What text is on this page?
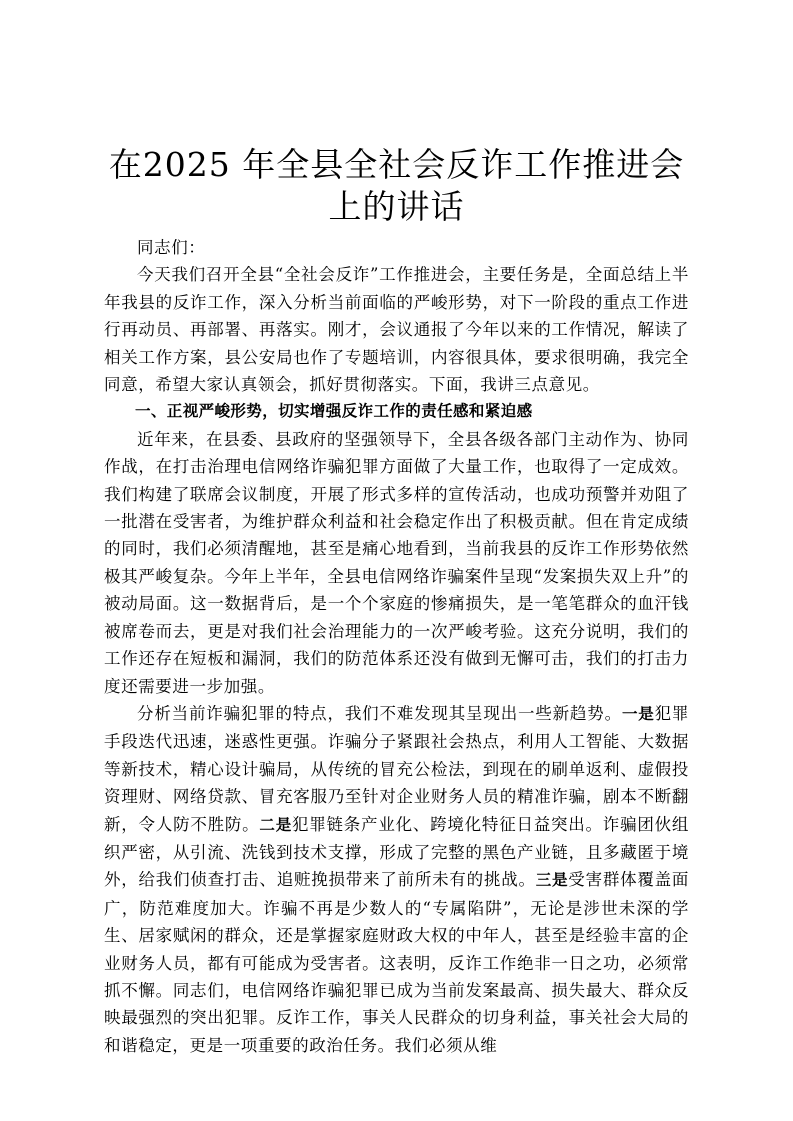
在2025 年全县全社会反诈工作推进会上的讲话

同志们：

今天我们召开全县“全社会反诈”工作推进会，主要任务是，全面总结上半年我县的反诈工作，深入分析当前面临的严峻形势，对下一阶段的重点工作进行再动员、再部署、再落实。刚才，会议通报了今年以来的工作情况，解读了相关工作方案，县公安局也作了专题培训，内容很具体，要求很明确，我完全同意，希望大家认真领会，抓好贯彻落实。下面，我讲三点意见。

一、正视严峻形势，切实增强反诈工作的责任感和紧迫感

近年来，在县委、县政府的坚强领导下，全县各级各部门主动作为、协同作战，在打击治理电信网络诈骗犯罪方面做了大量工作，也取得了一定成效。我们构建了联席会议制度，开展了形式多样的宣传活动，也成功预警并劝阻了一批潜在受害者，为维护群众利益和社会稳定作出了积极贡献。但在肯定成绩的同时，我们必须清醒地，甚至是痛心地看到，当前我县的反诈工作形势依然极其严峻复杂。今年上半年，全县电信网络诈骗案件呈现“发案损失双上升”的被动局面。这一数据背后，是一个个家庭的惨痛损失，是一笔笔群众的血汗钱被席卷而去，更是对我们社会治理能力的一次严峻考验。这充分说明，我们的工作还存在短板和漏洞，我们的防范体系还没有做到无懈可击，我们的打击力度还需要进一步加强。

分析当前诈骗犯罪的特点，我们不难发现其呈现出一些新趋势。一是犯罪手段迭代迅速，迷惑性更强。诈骗分子紧跟社会热点，利用人工智能、大数据等新技术，精心设计骗局，从传统的冒充公检法，到现在的刷单返利、虚假投资理财、网络贷款、冒充客服乃至针对企业财务人员的精准诈骗，剧本不断翻新，令人防不胜防。二是犯罪链条产业化、跨境化特征日益突出。诈骗团伙组织严密，从引流、洗钱到技术支撑，形成了完整的黑色产业链，且多藏匿于境外，给我们侦查打击、追赃挽损带来了前所未有的挑战。三是受害群体覆盖面广，防范难度加大。诈骗不再是少数人的“专属陷阱”，无论是涉世未深的学生、居家赋闲的群众，还是掌握家庭财政大权的中年人，甚至是经验丰富的企业财务人员，都有可能成为受害者。这表明，反诈工作绝非一日之功，必须常抓不懈。同志们，电信网络诈骗犯罪已成为当前发案最高、损失最大、群众反映最强烈的突出犯罪。反诈工作，事关人民群众的切身利益，事关社会大局的和谐稳定，更是一项重要的政治任务。我们必须从维
